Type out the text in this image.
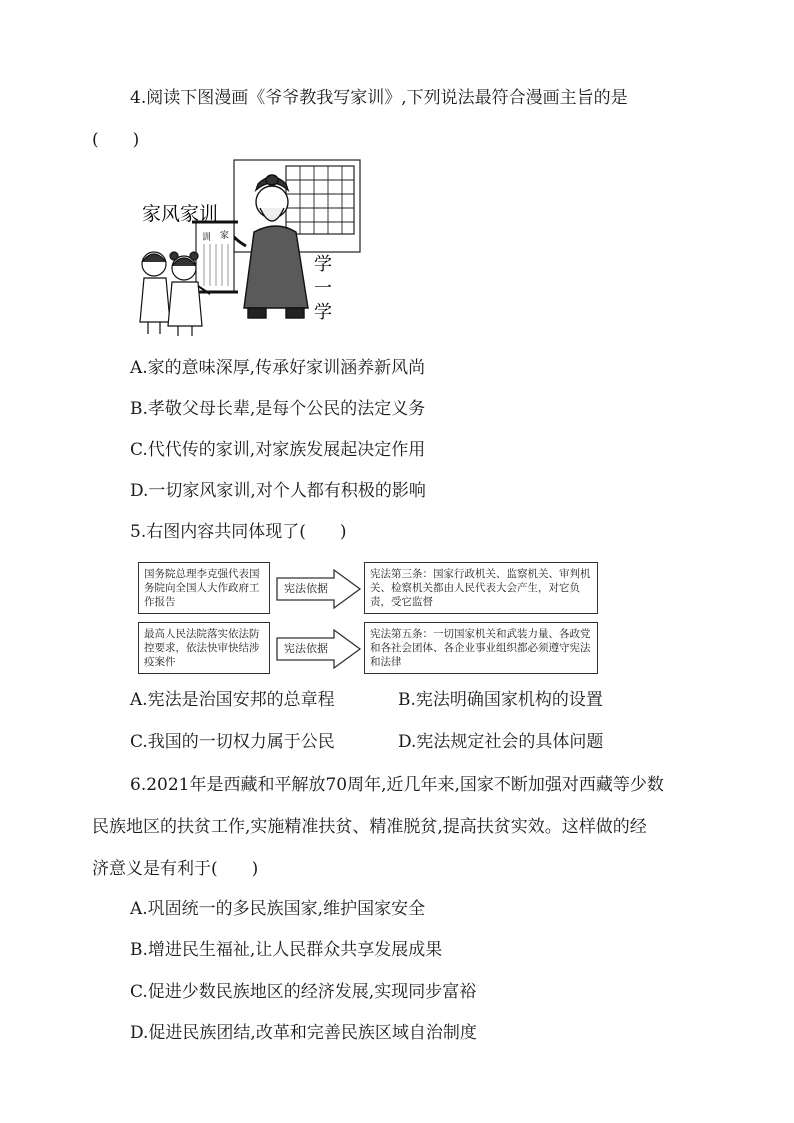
4.阅读下图漫画《爷爷教我写家训》,下列说法最符合漫画主旨的是
(　　)
训 家
家风家训
学
一
学
A.家的意味深厚,传承好家训涵养新风尚
B.孝敬父母长辈,是每个公民的法定义务
C.代代传的家训,对家族发展起决定作用
D.一切家风家训,对个人都有积极的影响
5.右图内容共同体现了(　　)
国务院总理李克强代表国务院向全国人大作政府工作报告
宪法依据
宪法第三条：国家行政机关、监察机关、审判机关、检察机关都由人民代表大会产生，对它负责，受它监督
最高人民法院落实依法防控要求，依法快审快结涉疫案件
宪法依据
宪法第五条：一切国家机关和武装力量、各政党和各社会团体、各企业事业组织都必须遵守宪法和法律
A.宪法是治国安邦的总章程	B.宪法明确国家机构的设置
C.我国的一切权力属于公民	D.宪法规定社会的具体问题
6.2021年是西藏和平解放70周年,近几年来,国家不断加强对西藏等少数
民族地区的扶贫工作,实施精准扶贫、精准脱贫,提高扶贫实效。这样做的经
济意义是有利于(　　)
A.巩固统一的多民族国家,维护国家安全
B.增进民生福祉,让人民群众共享发展成果
C.促进少数民族地区的经济发展,实现同步富裕
D.促进民族团结,改革和完善民族区域自治制度
